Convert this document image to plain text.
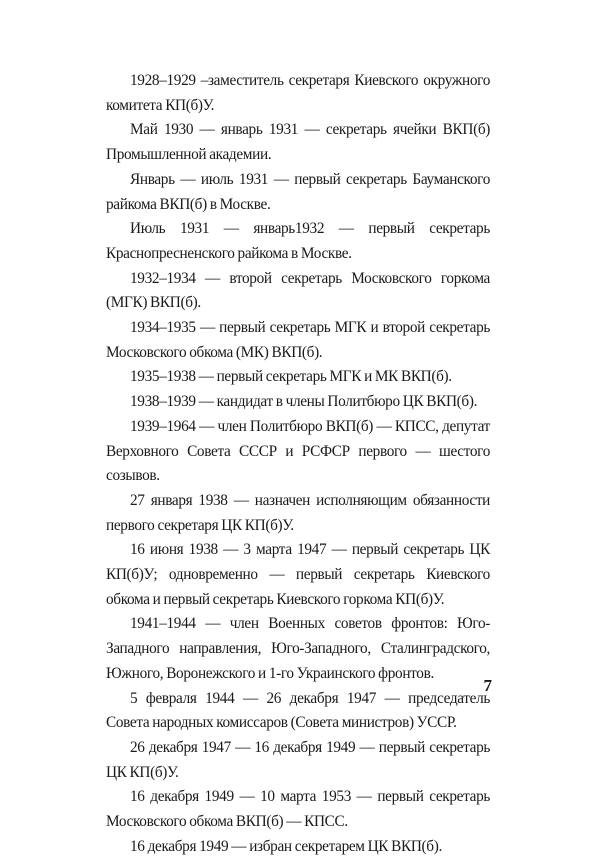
1928–1929 –заместитель секретаря Киевского окружного комитета КП(б)У.

Май 1930 — январь 1931 — секретарь ячейки ВКП(б) Промышленной академии.

Январь — июль 1931 — первый секретарь Бауманского райкома ВКП(б) в Москве.

Июль 1931 — январь1932 — первый секретарь Краснопресненского райкома в Москве.

1932–1934 — второй секретарь Московского горкома (МГК) ВКП(б).

1934–1935 — первый секретарь МГК и второй секретарь Московского обкома (МК) ВКП(б).

1935–1938 — первый секретарь МГК и МК ВКП(б).

1938–1939 — кандидат в члены Политбюро ЦК ВКП(б).

1939–1964 — член Политбюро ВКП(б) — КПСС, депутат Верховного Совета СССР и РСФСР первого — шестого созывов.

27 января 1938 — назначен исполняющим обязанности первого секретаря ЦК КП(б)У.

16 июня 1938 — 3 марта 1947 — первый секретарь ЦК КП(б)У; одновременно — первый секретарь Киевского обкома и первый секретарь Киевского горкома КП(б)У.

1941–1944 — член Военных советов фронтов: Юго-Западного направления, Юго-Западного, Сталинградского, Южного, Воронежского и 1-го Украинского фронтов.

5 февраля 1944 — 26 декабря 1947 — председатель Совета народных комиссаров (Совета министров) УССР.

26 декабря 1947 — 16 декабря 1949 — первый секретарь ЦК КП(б)У.

16 декабря 1949 — 10 марта 1953 — первый секретарь Московского обкома ВКП(б) — КПСС.

16 декабря 1949 — избран секретарем ЦК ВКП(б).

7
